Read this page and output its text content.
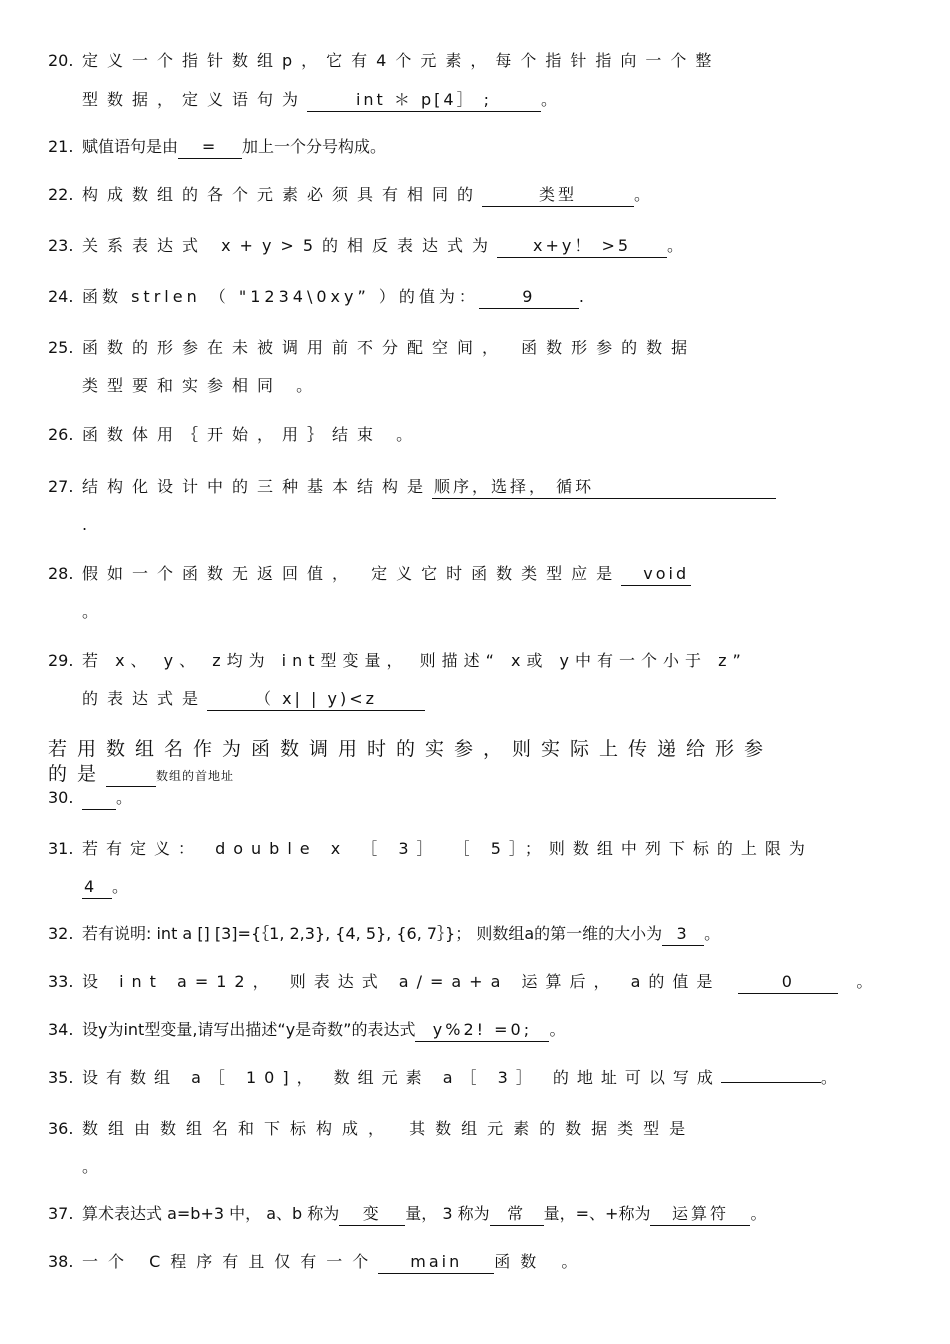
20. 定义一个指针数组p，它有4个元素，每个指针指向一个整
型数据，定义语句为	int ＊ p[4］ ;	。
21. 赋值语句是由 = 加上一个分号构成。
22. 构成数组的各个元素必须具有相同的	类型	。
23. 关系表达式 x+y>5的相反表达式为 x+y！ >5 。
24. 函数 strlen （ "1234\0xy” ）的值为：	9	.
25. 函数的形参在未被调用前不分配空间， 函数形参的数据
类型要和实参相同 。
26. 函数体用｛开始，用｝结束 。
27. 结构化设计中的三种基本结构是 顺序，选择， 循环
.
28. 假如一个函数无返回值， 定义它时函数类型应是 void
。
29. 若 x、 y、 z均为 int型变量， 则描述“ x或 y中有一个小于 z”
的表达式是	（ x| | y)<z
若用数组名作为函数调用时的实参，则实际上传递给形参
的是	数组的首地址
30.	。
31. 若有定义： double x ［ 3］ ［ 5］；则数组中列下标的上限为
4 。
32. 若有说明: int a [] [3]={｛1, 2,3}, {4, 5}, {6, 7｝}； 则数组a的第一维的大小为 3 。
33. 设 int a=12， 则表达式 a/=a+a 运算后， a的值是	0	。
34. 设y为int型变量,请写出描述“y是奇数”的表达式 y%2! =0; 。
35. 设有数组 a［ 10]， 数组元素 a［ 3］ 的地址可以写成	。
36. 数组由数组名和下标构成， 其数组元素的数据类型是
。
37. 算术表达式 a=b+3 中， a、b 称为 变 量， 3 称为 常 量，=、+称为 运算符 。
38. 一个 C程序有且仅有一个 main 函数 。
